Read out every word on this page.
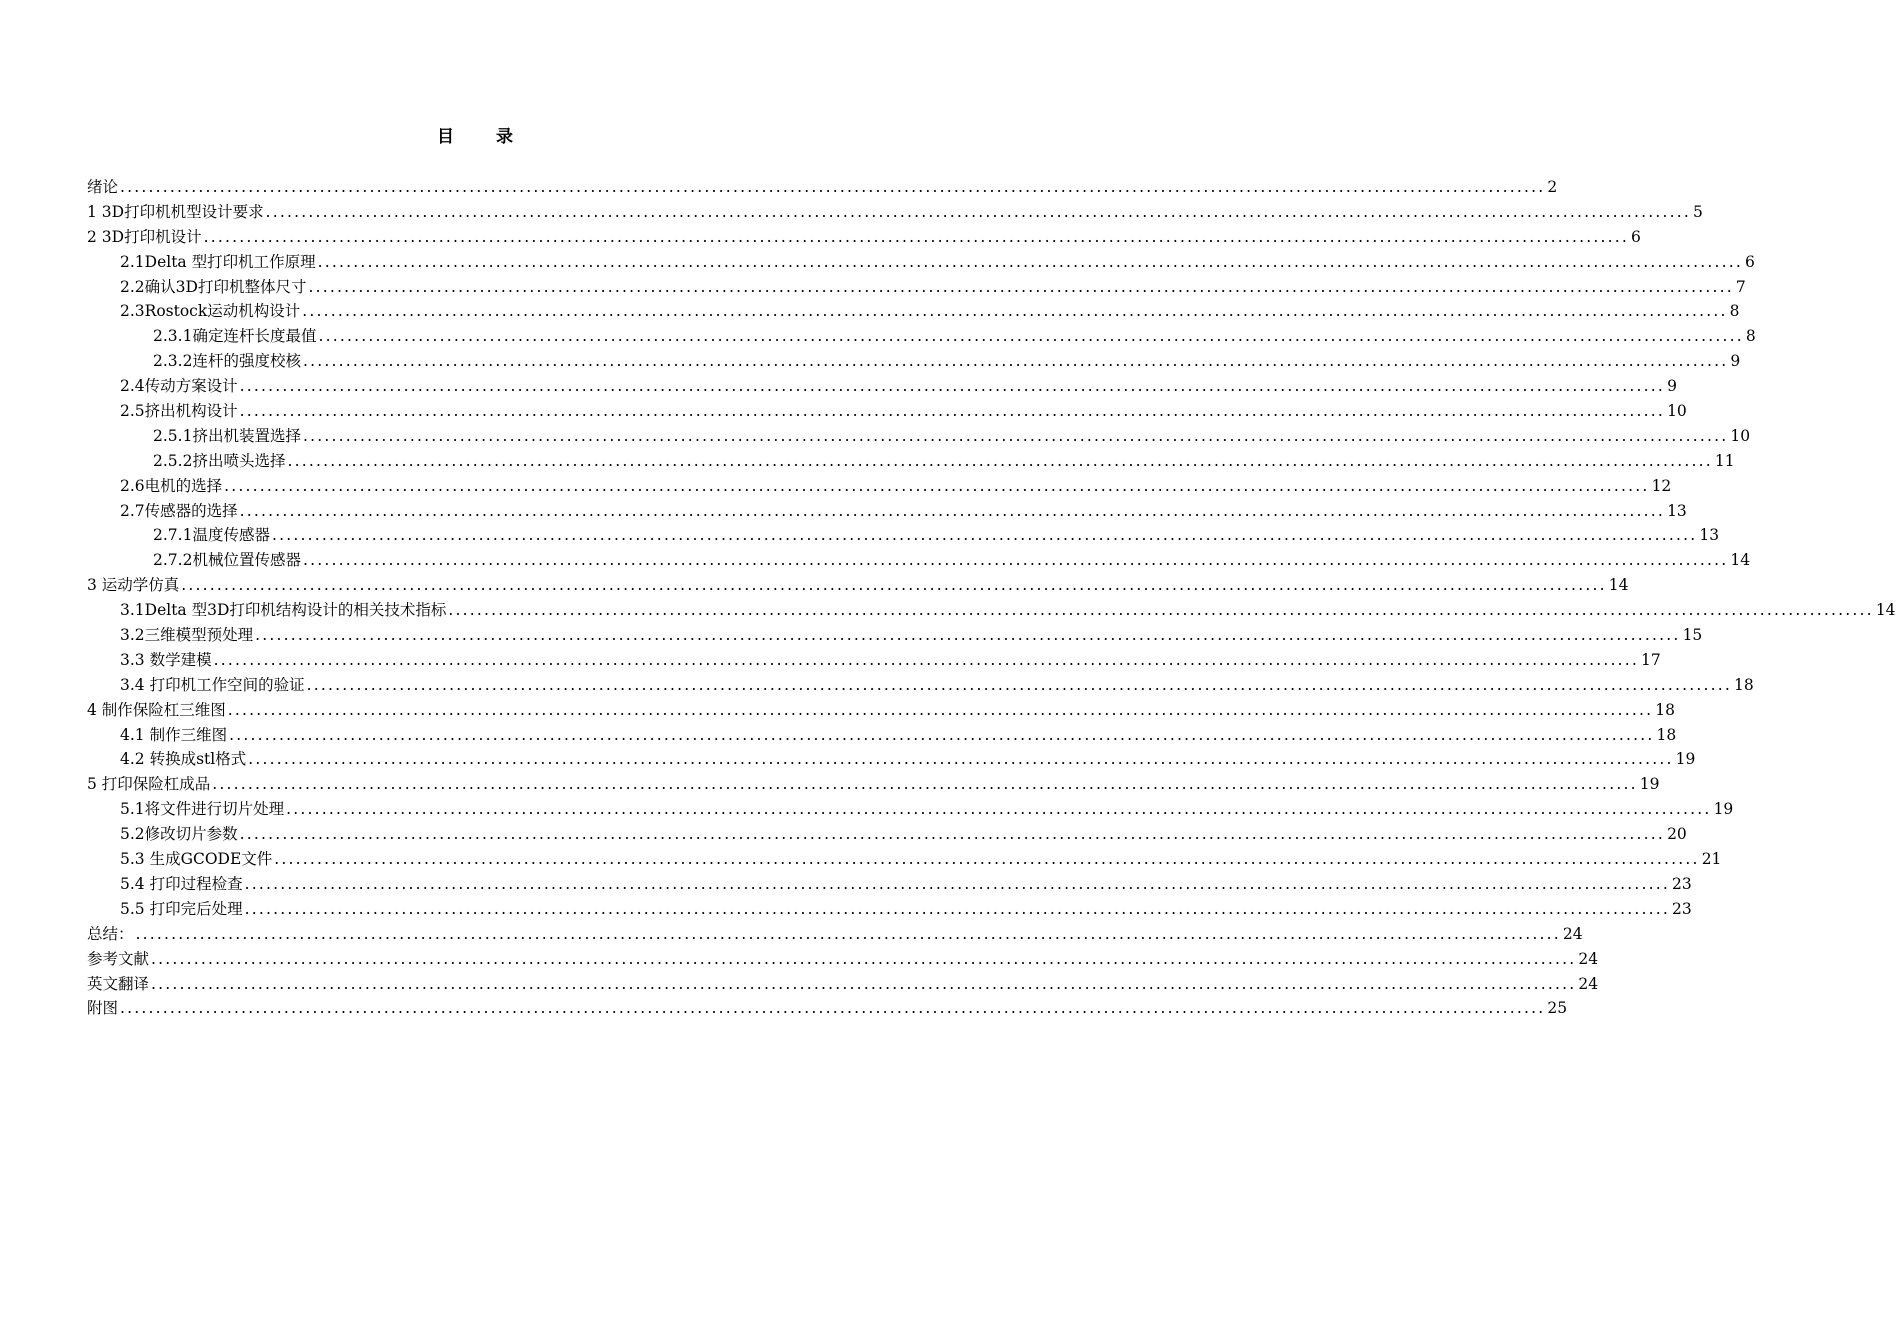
目 录
绪论 ........................................................................................................................................................................................................ 2
1 3D打印机机型设计要求 ........................................................................................................................................................................................................ 5
2 3D打印机设计 ........................................................................................................................................................................................................ 6
2.1Delta 型打印机工作原理 ........................................................................................................................................................................................................ 6
2.2确认3D打印机整体尺寸 ........................................................................................................................................................................................................ 7
2.3Rostock运动机构设计 ........................................................................................................................................................................................................ 8
2.3.1确定连杆长度最值 ........................................................................................................................................................................................................ 8
2.3.2连杆的强度校核 ........................................................................................................................................................................................................ 9
2.4传动方案设计 ........................................................................................................................................................................................................ 9
2.5挤出机构设计 ........................................................................................................................................................................................................ 10
2.5.1挤出机装置选择 ........................................................................................................................................................................................................ 10
2.5.2挤出喷头选择 ........................................................................................................................................................................................................ 11
2.6电机的选择 ........................................................................................................................................................................................................ 12
2.7传感器的选择 ........................................................................................................................................................................................................ 13
2.7.1温度传感器 ........................................................................................................................................................................................................ 13
2.7.2机械位置传感器 ........................................................................................................................................................................................................ 14
3 运动学仿真 ........................................................................................................................................................................................................ 14
3.1Delta 型3D打印机结构设计的相关技术指标 ........................................................................................................................................................................................................ 14
3.2三维模型预处理 ........................................................................................................................................................................................................ 15
3.3 数学建模 ........................................................................................................................................................................................................ 17
3.4 打印机工作空间的验证 ........................................................................................................................................................................................................ 18
4 制作保险杠三维图 ........................................................................................................................................................................................................ 18
4.1 制作三维图 ........................................................................................................................................................................................................ 18
4.2 转换成stl格式 ........................................................................................................................................................................................................ 19
5 打印保险杠成品 ........................................................................................................................................................................................................ 19
5.1将文件进行切片处理 ........................................................................................................................................................................................................ 19
5.2修改切片参数 ........................................................................................................................................................................................................ 20
5.3 生成GCODE文件 ........................................................................................................................................................................................................ 21
5.4 打印过程检查 ........................................................................................................................................................................................................ 23
5.5 打印完后处理 ........................................................................................................................................................................................................ 23
总结： ........................................................................................................................................................................................................ 24
参考文献 ........................................................................................................................................................................................................ 24
英文翻译 ........................................................................................................................................................................................................ 24
附图 ........................................................................................................................................................................................................ 25
